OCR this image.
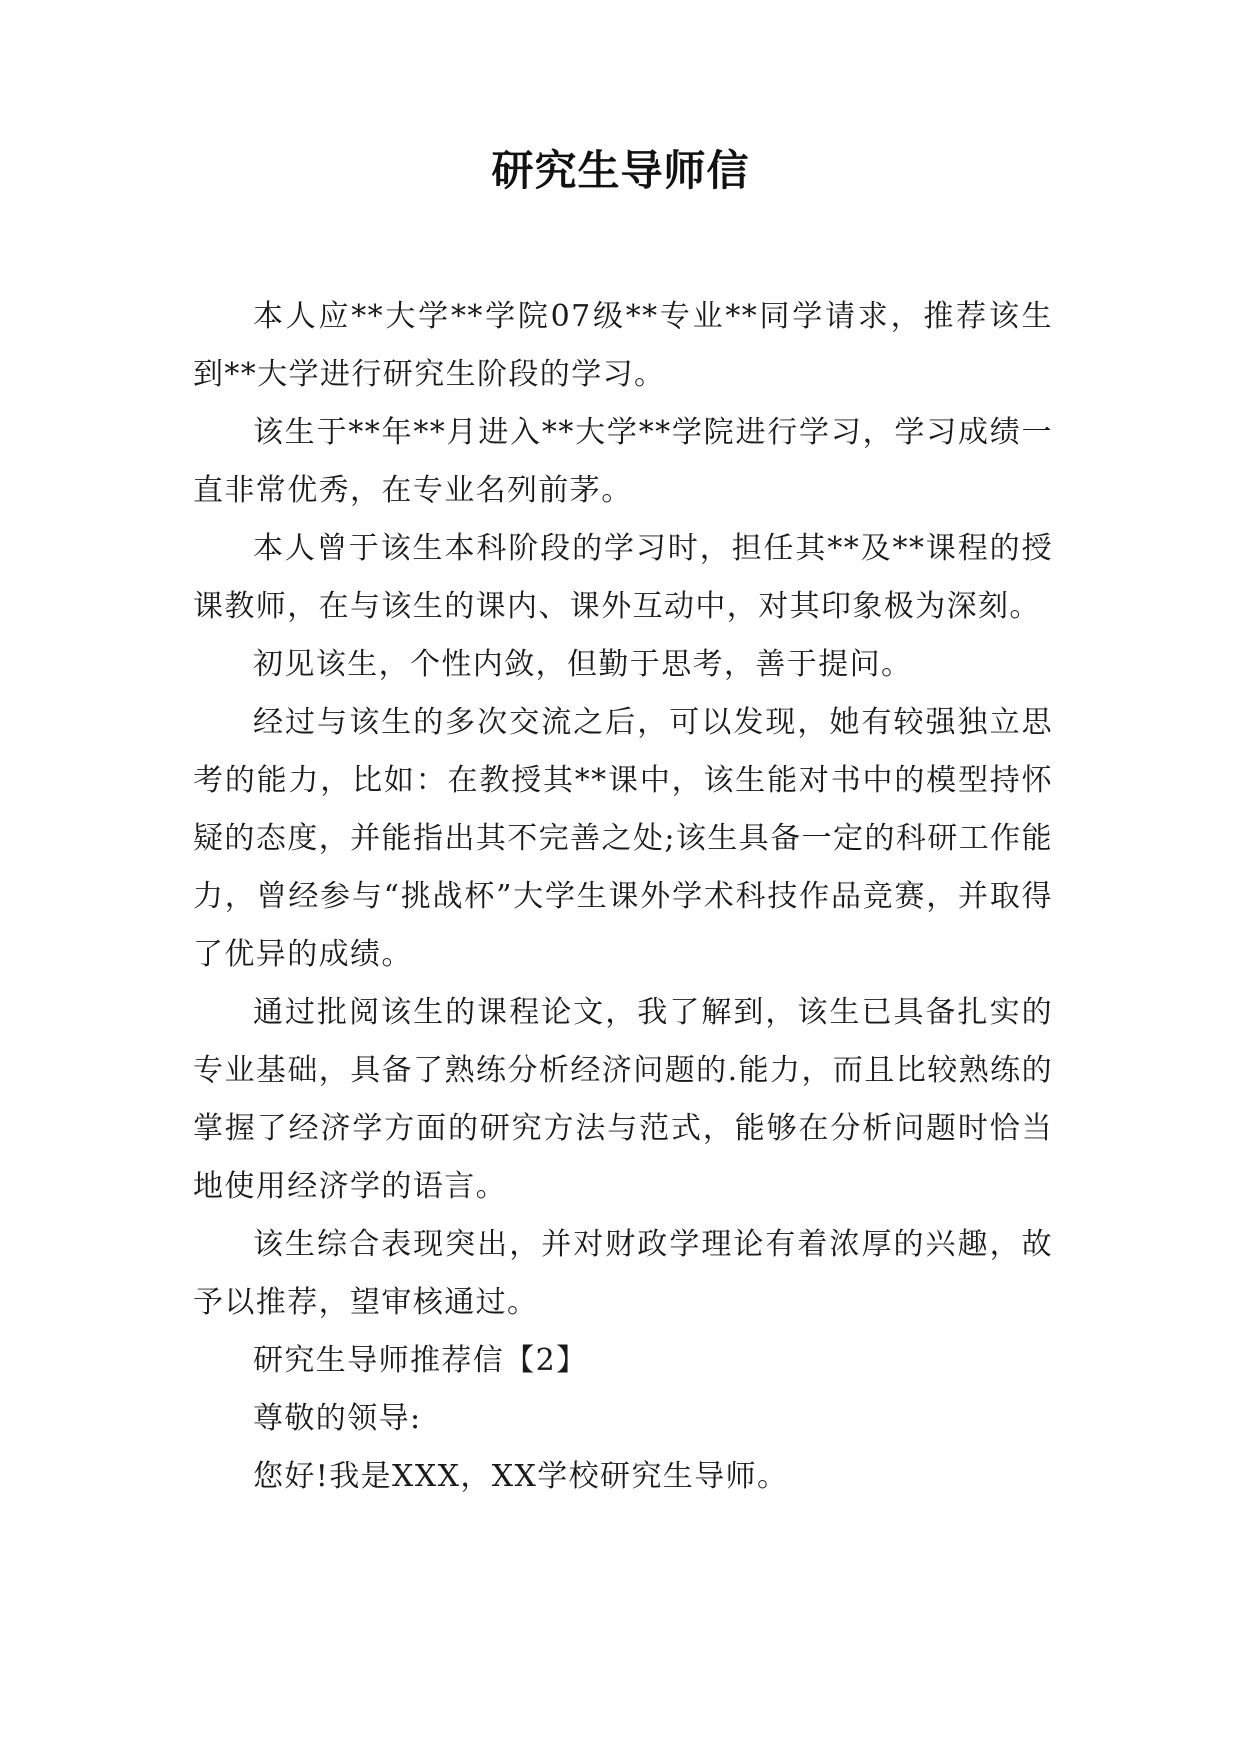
研究生导师信

本人应**大学**学院07级**专业**同学请求，推荐该生到**大学进行研究生阶段的学习。

该生于**年**月进入**大学**学院进行学习，学习成绩一直非常优秀，在专业名列前茅。

本人曾于该生本科阶段的学习时，担任其**及**课程的授课教师，在与该生的课内、课外互动中，对其印象极为深刻。

初见该生，个性内敛，但勤于思考，善于提问。

经过与该生的多次交流之后，可以发现，她有较强独立思考的能力，比如：在教授其**课中，该生能对书中的模型持怀疑的态度，并能指出其不完善之处;该生具备一定的科研工作能力，曾经参与“挑战杯”大学生课外学术科技作品竞赛，并取得了优异的成绩。

通过批阅该生的课程论文，我了解到，该生已具备扎实的专业基础，具备了熟练分析经济问题的.能力，而且比较熟练的掌握了经济学方面的研究方法与范式，能够在分析问题时恰当地使用经济学的语言。

该生综合表现突出，并对财政学理论有着浓厚的兴趣，故予以推荐，望审核通过。

研究生导师推荐信【2】

尊敬的领导:

您好!我是XXX，XX学校研究生导师。
